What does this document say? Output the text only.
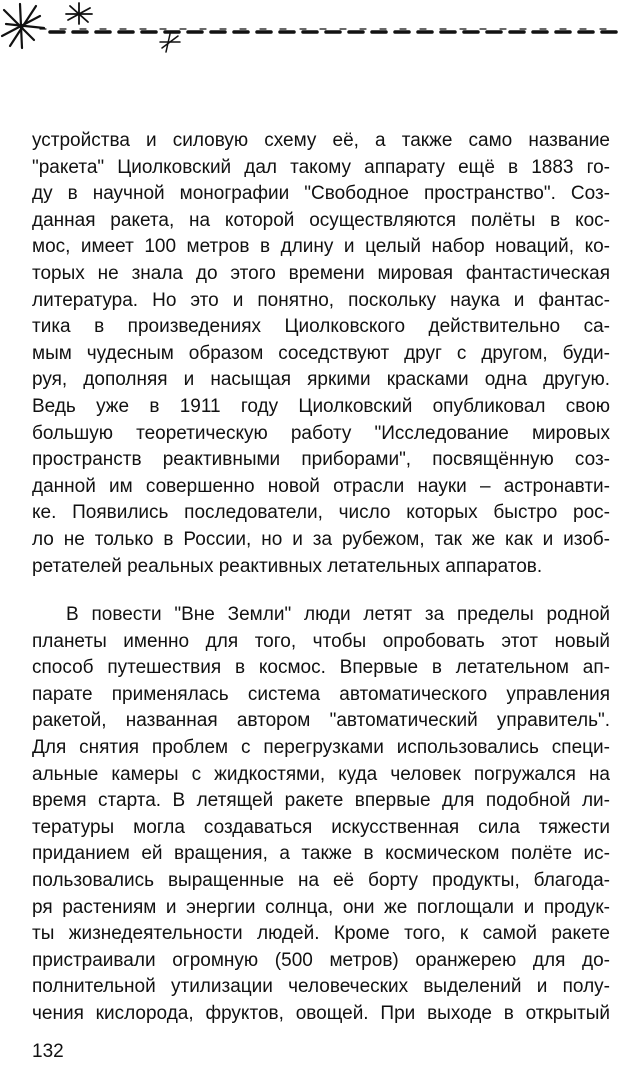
устройства и силовую схему её, а также само название
"ракета" Циолковский дал такому аппарату ещё в 1883 го-
ду в научной монографии "Свободное пространство". Соз-
данная ракета, на которой осуществляются полёты в кос-
мос, имеет 100 метров в длину и целый набор новаций, ко-
торых не знала до этого времени мировая фантастическая
литература. Но это и понятно, поскольку наука и фантас-
тика в произведениях Циолковского действительно са-
мым чудесным образом соседствуют друг с другом, буди-
руя, дополняя и насыщая яркими красками одна другую.
Ведь уже в 1911 году Циолковский опубликовал свою
большую теоретическую работу "Исследование мировых
пространств реактивными приборами", посвящённую соз-
данной им совершенно новой отрасли науки – астронавти-
ке. Появились последователи, число которых быстро рос-
ло не только в России, но и за рубежом, так же как и изоб-
ретателей реальных реактивных летательных аппаратов.
В повести "Вне Земли" люди летят за пределы родной
планеты именно для того, чтобы опробовать этот новый
способ путешествия в космос. Впервые в летательном ап-
парате применялась система автоматического управления
ракетой, названная автором "автоматический управитель".
Для снятия проблем с перегрузками использовались специ-
альные камеры с жидкостями, куда человек погружался на
время старта. В летящей ракете впервые для подобной ли-
тературы могла создаваться искусственная сила тяжести
приданием ей вращения, а также в космическом полёте ис-
пользовались выращенные на её борту продукты, благода-
ря растениям и энергии солнца, они же поглощали и продук-
ты жизнедеятельности людей. Кроме того, к самой ракете
пристраивали огромную (500 метров) оранжерею для до-
полнительной утилизации человеческих выделений и полу-
чения кислорода, фруктов, овощей. При выходе в открытый
132
